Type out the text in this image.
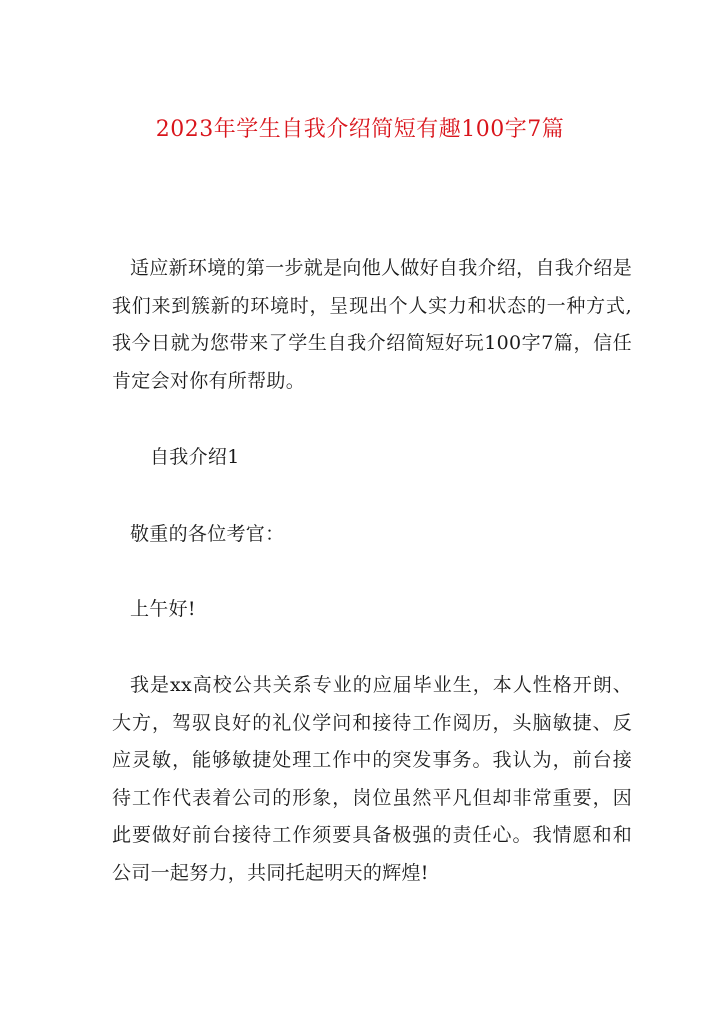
2023年学生自我介绍简短有趣100字7篇

适应新环境的第一步就是向他人做好自我介绍，自我介绍是我们来到簇新的环境时，呈现出个人实力和状态的一种方式,我今日就为您带来了学生自我介绍简短好玩100字7篇，信任肯定会对你有所帮助。

自我介绍1

敬重的各位考官：

上午好!

我是xx高校公共关系专业的应届毕业生，本人性格开朗、大方，驾驭良好的礼仪学问和接待工作阅历，头脑敏捷、反应灵敏，能够敏捷处理工作中的突发事务。我认为，前台接待工作代表着公司的形象，岗位虽然平凡但却非常重要，因此要做好前台接待工作须要具备极强的责任心。我情愿和和公司一起努力，共同托起明天的辉煌!
